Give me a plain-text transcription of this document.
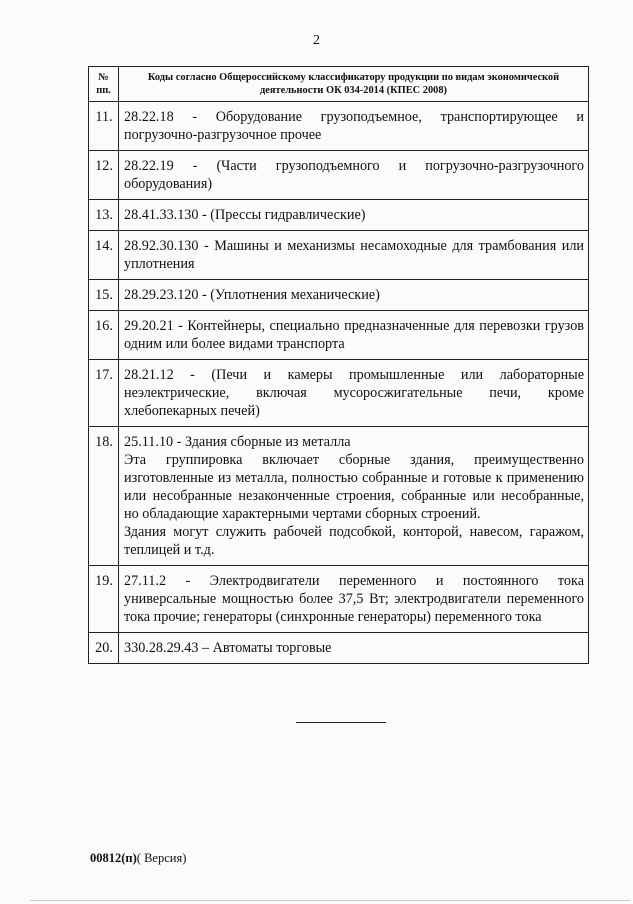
2
№
пп.	Коды согласно Общероссийскому классификатору продукции по видам экономической деятельности ОК 034-2014 (КПЕС 2008)
11.	28.22.18 - Оборудование грузоподъемное, транспортирующее и погрузочно-разгрузочное прочее

12.	28.22.19 - (Части грузоподъемного и погрузочно-разгрузочного оборудования)

13.	28.41.33.130 - (Прессы гидравлические)

14.	28.92.30.130 - Машины и механизмы несамоходные для трамбования или уплотнения

15.	28.29.23.120 - (Уплотнения механические)

16.	29.20.21 - Контейнеры, специально предназначенные для перевозки грузов одним или более видами транспорта

17.	28.21.12 - (Печи и камеры промышленные или лабораторные неэлектрические, включая мусоросжигательные печи, кроме хлебопекарных печей)

18.	25.11.10 - Здания сборные из металла

Эта группировка включает сборные здания, преимущественно изготовленные из металла, полностью собранные и готовые к применению или несобранные незаконченные строения, собранные или несобранные, но обладающие характерными чертами сборных строений.

Здания могут служить рабочей подсобкой, конторой, навесом, гаражом, теплицей и т.д.

19.	27.11.2 - Электродвигатели переменного и постоянного тока универсальные мощностью более 37,5 Вт; электродвигатели переменного тока прочие; генераторы (синхронные генераторы) переменного тока

20.	330.28.29.43 – Автоматы торговые

00812(п)( Версия)
